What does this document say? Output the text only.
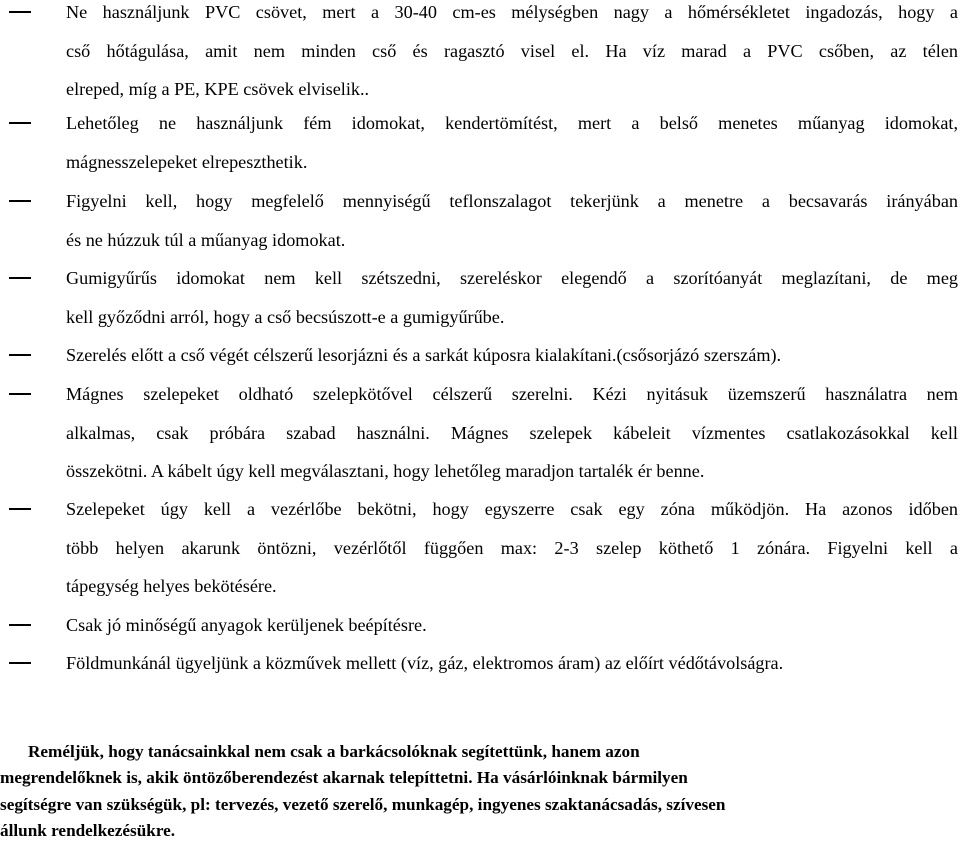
Ne használjunk PVC csövet, mert a 30-40 cm-es mélységben nagy a hőmérsékletet ingadozás, hogy a
cső hőtágulása, amit nem minden cső és ragasztó visel el. Ha víz marad a PVC csőben, az télen
elreped, míg a PE, KPE csövek elviselik..
Lehetőleg ne használjunk fém idomokat, kendertömítést, mert a belső menetes műanyag idomokat,
mágnesszelepeket elrepeszthetik.
Figyelni kell, hogy megfelelő mennyiségű teflonszalagot tekerjünk a menetre a becsavarás irányában
és ne húzzuk túl a műanyag idomokat.
Gumigyűrűs idomokat nem kell szétszedni, szereléskor elegendő a szorítóanyát meglazítani, de meg
kell győződni arról, hogy a cső becsúszott-e a gumigyűrűbe.
Szerelés előtt a cső végét célszerű lesorjázni és a sarkát kúposra kialakítani.(csősorjázó szerszám).
Mágnes szelepeket oldható szelepkötővel célszerű szerelni. Kézi nyitásuk üzemszerű használatra nem
alkalmas, csak próbára szabad használni. Mágnes szelepek kábeleit vízmentes csatlakozásokkal kell
összekötni. A kábelt úgy kell megválasztani, hogy lehetőleg maradjon tartalék ér benne.
Szelepeket úgy kell a vezérlőbe bekötni, hogy egyszerre csak egy zóna működjön. Ha azonos időben
több helyen akarunk öntözni, vezérlőtől függően max: 2-3 szelep köthető 1 zónára. Figyelni kell a
tápegység helyes bekötésére.
Csak jó minőségű anyagok kerüljenek beépítésre.
Földmunkánál ügyeljünk a közművek mellett (víz, gáz, elektromos áram) az előírt védőtávolságra.
Reméljük, hogy tanácsainkkal nem csak a barkácsolóknak segítettünk, hanem azon
megrendelőknek is, akik öntözőberendezést akarnak telepíttetni. Ha vásárlóinknak bármilyen
segítségre van szükségük, pl: tervezés, vezető szerelő, munkagép, ingyenes szaktanácsadás, szívesen
állunk rendelkezésükre.
